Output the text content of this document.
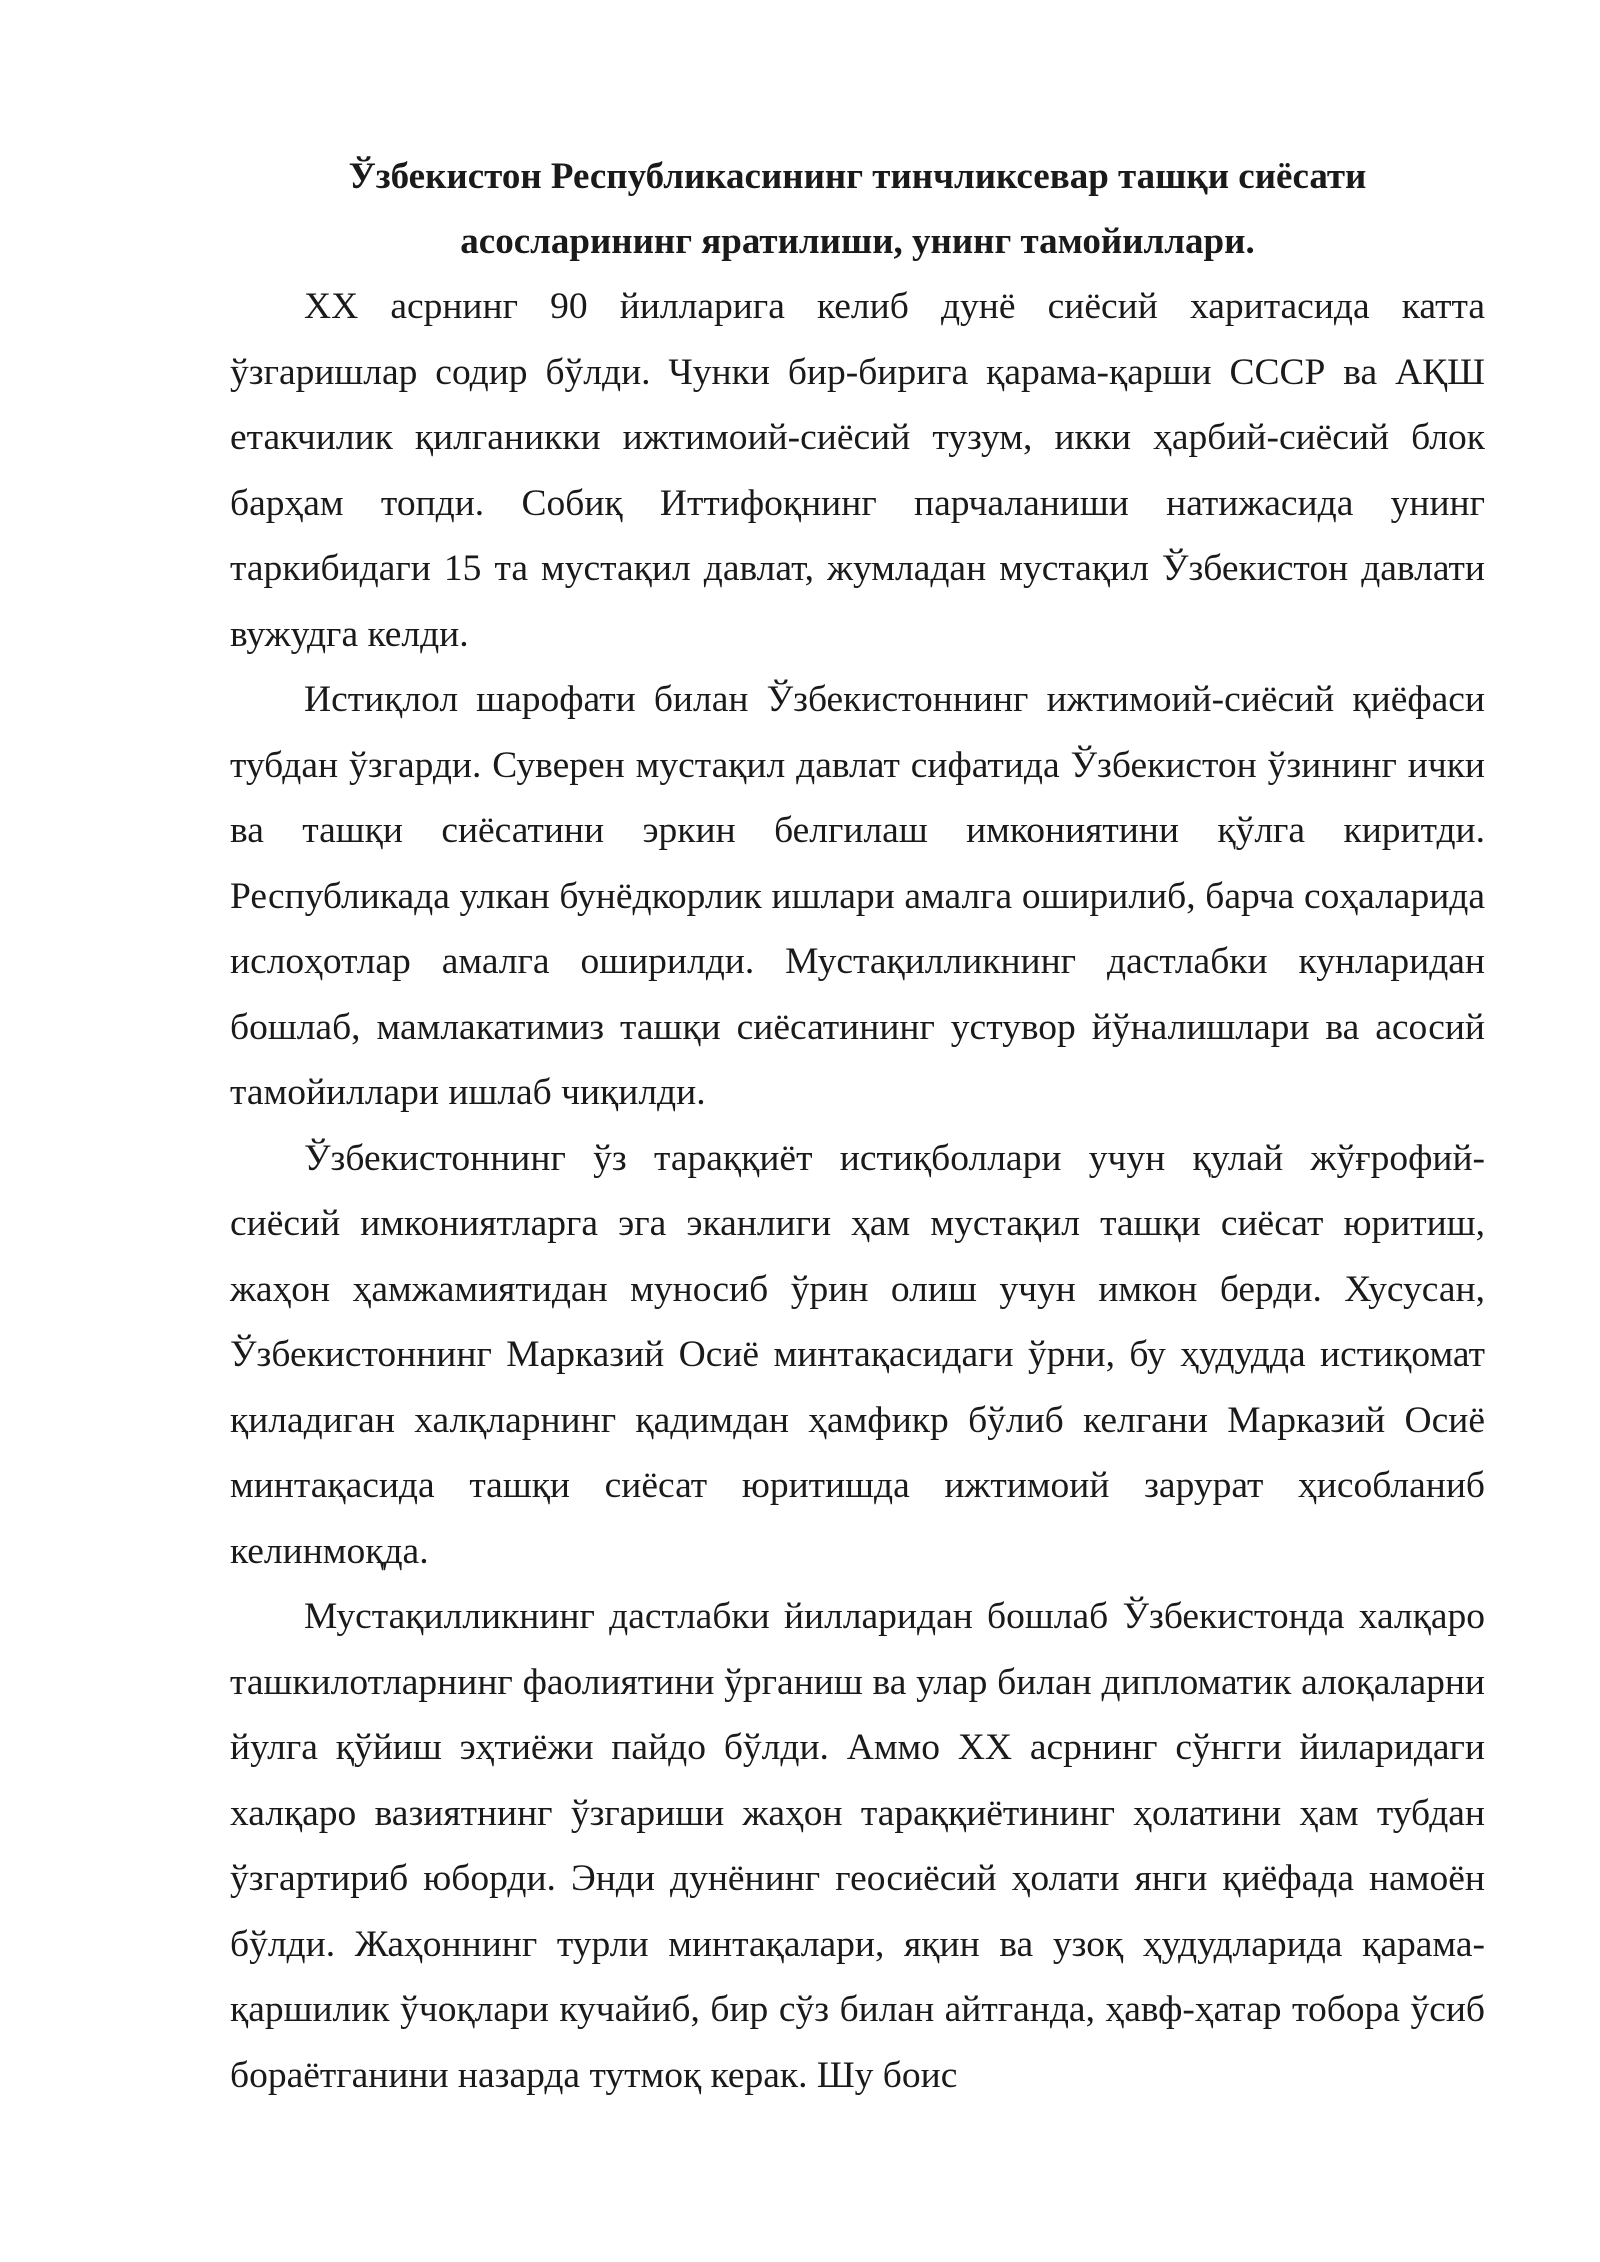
Ўзбекистон Республикасининг тинчликсевар ташқи сиёсати
асосларининг яратилиши, унинг тамойиллари.

XX асрнинг 90 йилларига келиб дунё сиёсий харитасида катта ўзгаришлар содир бўлди. Чунки бир-бирига қарама-қарши СССР ва АҚШ етакчилик қилганикки ижтимоий-сиёсий тузум, икки ҳарбий-сиёсий блок барҳам топди. Собиқ Иттифоқнинг парчаланиши натижасида унинг таркибидаги 15 та мустақил давлат, жумладан мустақил Ўзбекистон давлати вужудга келди.

Истиқлол шарофати билан Ўзбекистоннинг ижтимоий-сиёсий қиёфаси тубдан ўзгарди. Суверен мустақил давлат сифатида Ўзбекистон ўзининг ички ва ташқи сиёсатини эркин белгилаш имкониятини қўлга киритди. Республикада улкан бунёдкорлик ишлари амалга оширилиб, барча соҳаларида ислоҳотлар амалга оширилди. Мустақилликнинг дастлабки кунларидан бошлаб, мамлакатимиз ташқи сиёсатининг устувор йўналишлари ва асосий тамойиллари ишлаб чиқилди.

Ўзбекистоннинг ўз тараққиёт истиқболлари учун қулай жўғрофий-сиёсий имкониятларга эга эканлиги ҳам мустақил ташқи сиёсат юритиш, жаҳон ҳамжамиятидан муносиб ўрин олиш учун имкон берди. Хусусан, Ўзбекистоннинг Марказий Осиё минтақасидаги ўрни, бу ҳудудда истиқомат қиладиган халқларнинг қадимдан ҳамфикр бўлиб келгани Марказий Осиё минтақасида ташқи сиёсат юритишда ижтимоий зарурат ҳисобланиб келинмоқда.

Мустақилликнинг дастлабки йилларидан бошлаб Ўзбекистонда халқаро ташкилотларнинг фаолиятини ўрганиш ва улар билан дипломатик алоқаларни йулга қўйиш эҳтиёжи пайдо бўлди. Аммо XX асрнинг сўнгги йиларидаги халқаро вазиятнинг ўзгариши жаҳон тараққиётининг ҳолатини ҳам тубдан ўзгартириб юборди. Энди дунёнинг геосиёсий ҳолати янги қиёфада намоён бўлди. Жаҳоннинг турли минтақалари, яқин ва узоқ ҳудудларида қарама-қаршилик ўчоқлари кучайиб, бир сўз билан айтганда, ҳавф-ҳатар тобора ўсиб бораётганини назарда тутмоқ керак. Шу боис
